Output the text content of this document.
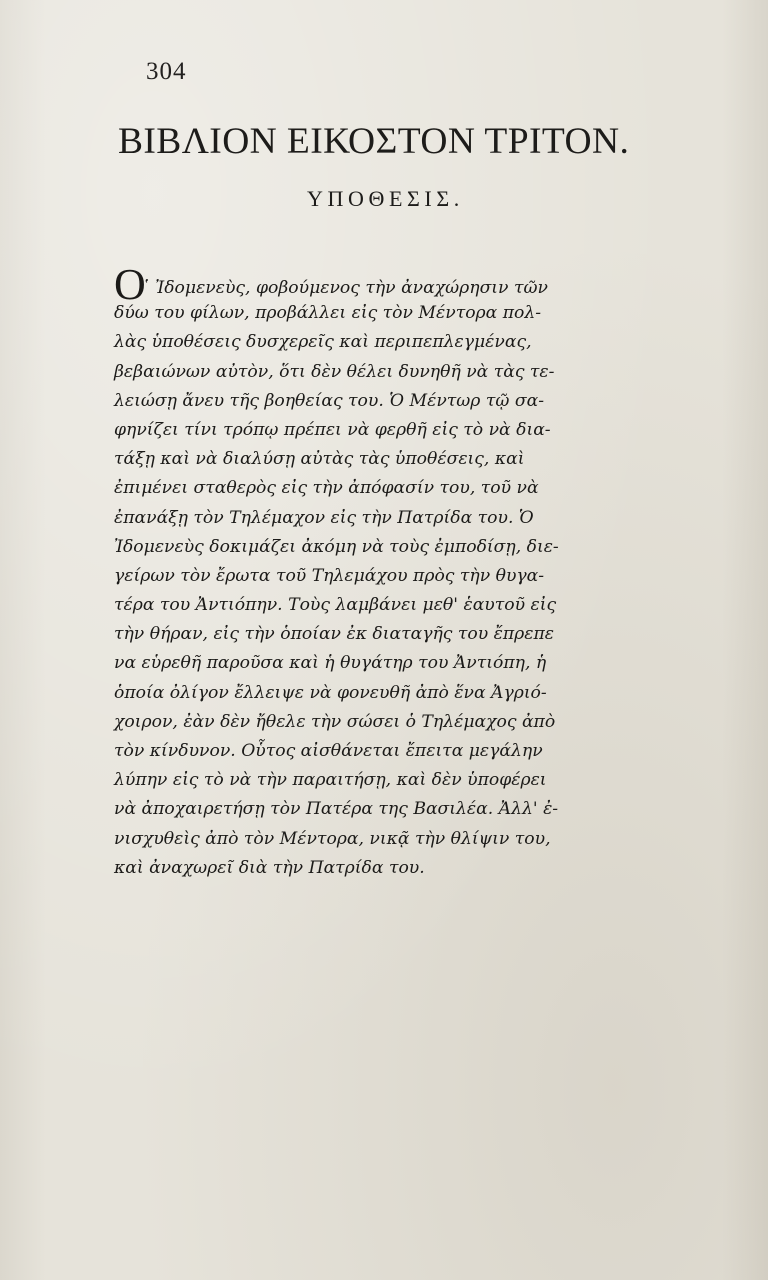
304
ΒΙΒΛΙΟΝ ΕΙΚΟΣΤΟΝ ΤΡΙΤΟΝ.
ΥΠΟΘΕΣΙΣ.
Ο ̔ Ἰδομενεὺς, φοβούμενος τὴν ἀναχώρησιν τῶν
δύω του φίλων, προβάλλει εἰς τὸν Μέντορα πολ-
λὰς ὑποθέσεις δυσχερεῖς καὶ περιπεπλεγμένας,
βεβαιώνων αὐτὸν, ὅτι δὲν θέλει δυνηθῆ νὰ τὰς τε-
λειώσῃ ἄνευ τῆς βοηθείας του. Ὁ Μέντωρ τῷ σα-
φηνίζει τίνι τρόπῳ πρέπει νὰ φερθῆ εἰς τὸ νὰ δια-
τάξῃ καὶ νὰ διαλύσῃ αὐτὰς τὰς ὑποθέσεις, καὶ
ἐπιμένει σταθερὸς εἰς τὴν ἀπόφασίν του, τοῦ νὰ
ἐπανάξῃ τὸν Τηλέμαχον εἰς τὴν Πατρίδα του. Ὁ
Ἰδομενεὺς δοκιμάζει ἀκόμη νὰ τοὺς ἐμποδίσῃ, διε-
γείρων τὸν ἔρωτα τοῦ Τηλεμάχου πρὸς τὴν θυγα-
τέρα του Ἀντιόπην. Τοὺς λαμβάνει μεθ' ἑαυτοῦ εἰς
τὴν θήραν, εἰς τὴν ὁποίαν ἐκ διαταγῆς του ἔπρεπε
να εὑρεθῆ παροῦσα καὶ ἡ θυγάτηρ του Ἀντιόπη, ἡ
ὁποία ὀλίγον ἔλλειψε νὰ φονευθῆ ἀπὸ ἕνα Ἀγριό-
χοιρον, ἐὰν δὲν ἤθελε τὴν σώσει ὁ Τηλέμαχος ἀπὸ
τὸν κίνδυνον. Οὗτος αἰσθάνεται ἔπειτα μεγάλην
λύπην εἰς τὸ νὰ τὴν παραιτήσῃ, καὶ δὲν ὑποφέρει
νὰ ἀποχαιρετήσῃ τὸν Πατέρα της Βασιλέα. Ἀλλ' ἐ-
νισχυθεὶς ἀπὸ τὸν Μέντορα, νικᾷ τὴν θλίψιν του,
καὶ ἀναχωρεῖ διὰ τὴν Πατρίδα του.
